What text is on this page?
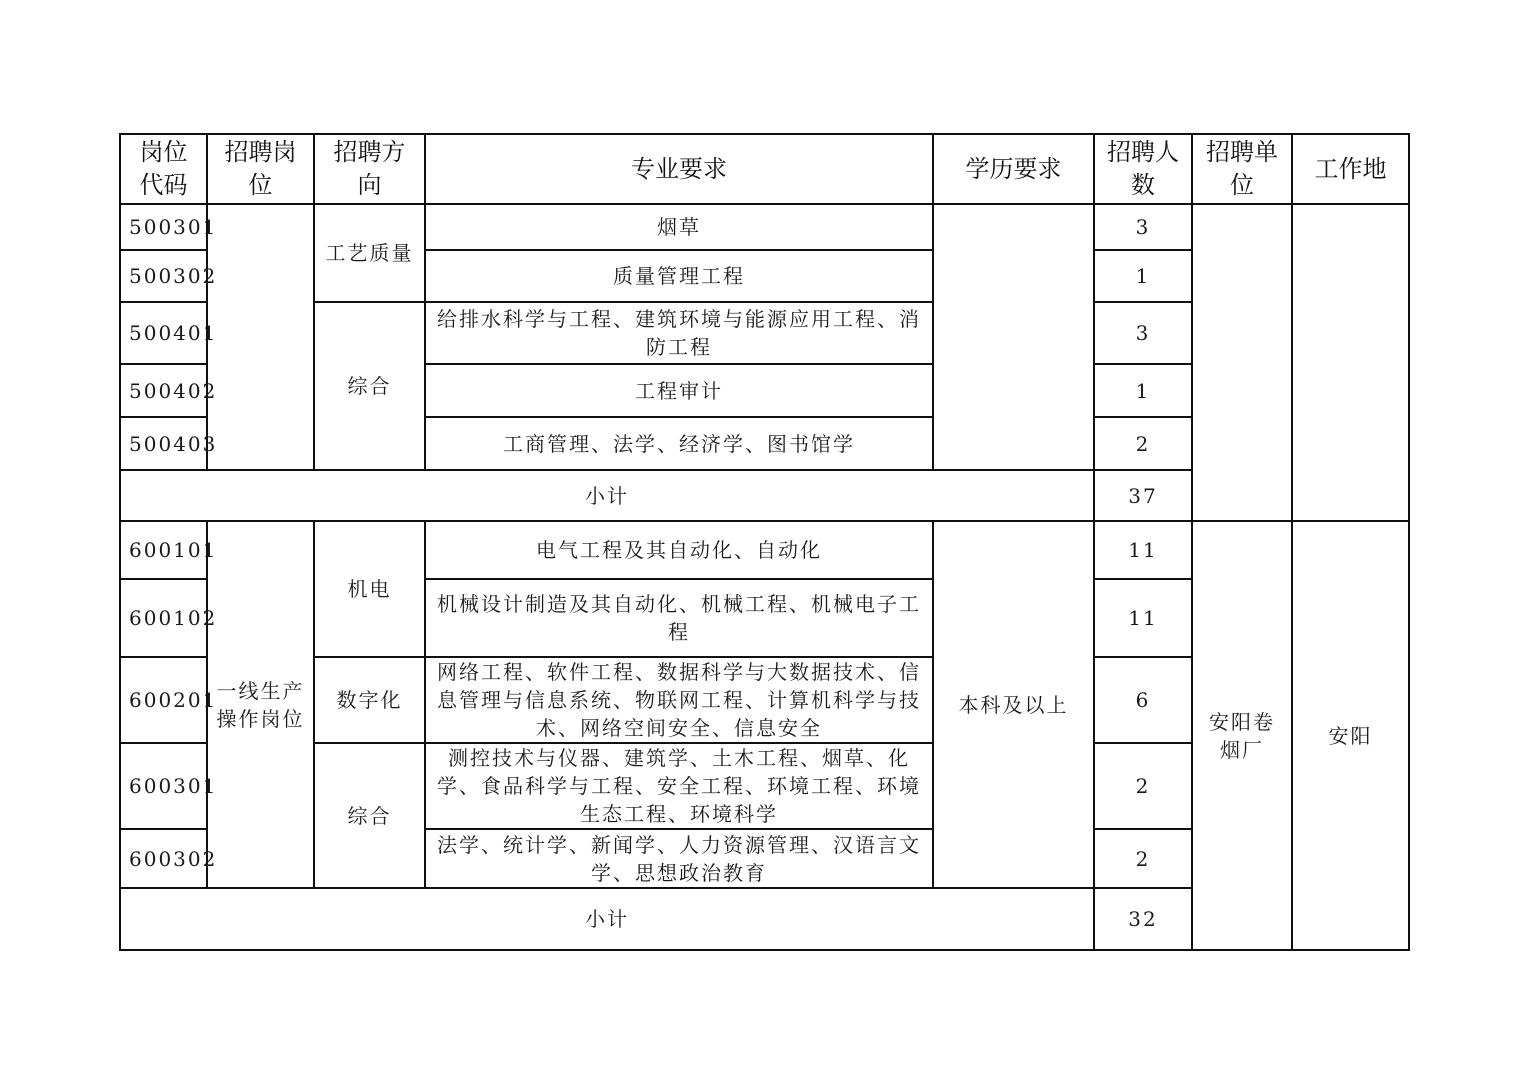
岗位代码	招聘岗位	招聘方向	专业要求	学历要求	招聘人数	招聘单位	工作地
500301		工艺质量	烟草		3		
500302			质量管理工程		1		
500401		综合	给排水科学与工程、建筑环境与能源应用工程、消防工程		3		
500402			工程审计		1		
500403			工商管理、法学、经济学、图书馆学		2		
小计					37		
600101	一线生产操作岗位	机电	电气工程及其自动化、自动化	本科及以上	11	安阳卷烟厂	安阳
600102			机械设计制造及其自动化、机械工程、机械电子工程		11		
600201		数字化	网络工程、软件工程、数据科学与大数据技术、信息管理与信息系统、物联网工程、计算机科学与技术、网络空间安全、信息安全		6		
600301		综合	测控技术与仪器、建筑学、土木工程、烟草、化学、食品科学与工程、安全工程、环境工程、环境生态工程、环境科学		2		
600302			法学、统计学、新闻学、人力资源管理、汉语言文学、思想政治教育		2		
小计					32		
